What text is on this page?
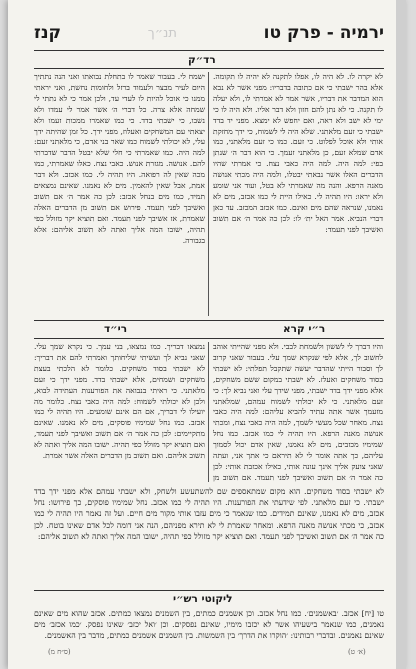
ירמיה - פרק טו
תנ״ך
קנז
רד״ק

לא יקרה לו. לא היה לו, אפלו לתקנה לא יהיה לו תקומה. אלא בהר ישבתי כי אם כתובה בדבריו: מפני אשר לא נבא הוא המדבר את דבריו, אשר אמר לא אמרתי לו, ולא יעלה לו תקנה. כי לא נתן להם חזון ולא דבר אליו. ולא היה לו כי ימי לא ישב ולא ראה, ואם יחפש לא ימצא. מפני יד בדד ישבתי כי זעם מלאתני. שלא היה לי לשמוח, כי ידך מחזקת אותי ולא אוכל לפלוט. כי זעם. כמו כי זעם מלאתני, כמו אדם שמלא זעם, כן מלאתני זעמך. כי הוא דבר ה׳ שנתן בפי: למה היה. למה היה כאבי נצח. כי אמרתי שהיו הדברים האלו אשר נבאתי יבטלו, ולמה היה מכתי אנושה מאנה הרפא. והנה מה שאמרתי לא בטל, ועוד אני שומע ולא יראו: היו תהיה לי. כאילו היית לי כמו אכזב, מים לא נאמנו, שנראה שהם מים ואינם. כמו אכזב המכזב. עד כאן דברי הנביא. אמר האל ית׳ לו: לכן כה אמר ה׳ אם תשוב ואשיבך לפני תעמד:

ישמח לי. בעבור שאמר לו בתחלת נבואתו ואני הנה נתתיך היום לעיר מבצר ולעמוד ברזל ולחומות נחשת, ואני יראתי ממנו כי אוכל להיות לו לעדי עד, ולכן אמר כי לא נתתי לי שמחה אלא צרה. כל דברי ה׳ אשר אמר לי עמדו ולא נשבו, כי ישבתי בדד. כי כמו שאמרו ממכות זעמו ולא יצאתי עם המשחקים ואעלוז, מפני ידך. כל זמן שהיתה ידך עלי, לא יכולתי לשמוח כמו שאר בני אדם, כי מלאתני זעם: למה היה. כמו שאמרתי כי חלי שלא יבטל הדבר שדברתי להם. אנושה. מגזרת אנוש. כאבי נצח. כאלו שאמרתי, כמו מכה שאין לה רפואה. היו תהיה לי. כמו אכזב. ולא דבר אמת, אבל שאין להאמין. מים לא נאמנו. שאינם נמצאים תמיד, כמו מים בנחל אכזב: לכן כה אמר ה׳ אם תשוב ואשיבך לפני תעמד. פירוש אם תשוב מן הדברים האלה שאמרת, אז אשיבך לפני תעמד. ואם תוציא יקר מזולל כפי תהיה, ישובו המה אליך ואתה לא תשוב אליהם: אלא בגבורה.

ר״י קרא
רי״ד

והיו דברך לי לששון ולשמחת לבבי. ולא מפני שהייתי אוהב לחשוב לך, אלא לפי שנקרא שמך עלי. בעבור שאני קרוב לך וסבור הייתי שהדבר יעשה שתקבל תפלתי: לא ישבתי בסוד משחקים ואעלז. לא ישבתי במקום ששם משחקים, אלא מפני ידך בדד ישבתי, מפני שידך עלי ואני נביא לך: כי זעם מלאתני. כי לא יכולתי לשמוח עמהם, שמלאתני מזעמך אשר אתה עתיד להביא עליהם: למה היה כאבי נצח. מאחר שכל מעשי לשמך, למה היה כאבי נצח, ומכתי אנושה מאנה הרפא. היו תהיה לי כמו אכזב. כמו נחל שמימיו מכזבים, מים לא נאמנו, שאין אדם יכול לסמוך עליהם, כך אתה אומר לי לא תיראם כי אתך אני, ועתה שאני צועק אליך אינך עונה אותי, כאילו אכזבת אותי: לכן כה אמר ה׳ אם תשוב ואשיבך לפני תעמד. אם תשוב מן

נמצאו דבריך. כמו נמצאו, בני עמך. כי נקרא שמך עלי. שאני נביא לך ועשיתי שליחותך ואמרתי להם את דבריך: לא ישבתי בסוד משחקים. כלומר לא הלכתי בעצת משחקים ושמחים, אלא ישבתי בדד. מפני ידך כי זעם מלאתני. כי ראיתי בנבואה את הפורענות העתידה לבוא, ולכן לא יכולתי לשמוח: למה היה כאבי נצח. כלומר מה יועילו לי דבריך, אם הם אינם שומעים. היו תהיה לי כמו אכזב. כמו נחל שמימיו פוסקים, מים לא נאמנו. שאינם מתקיימים: לכן כה אמר ה׳ אם תשוב ואשיבך לפני תעמד, ואם תוציא יקר מזולל כפי תהיה. ישובו המה אליך ואתה לא תשוב אליהם. ואם תשוב מן הדברים האלה אשר אמרת.

לא ישבתי בסוד משחקים. הוא מקום שמתאספים שם להשתעשע ולשחק, ולא ישבתי עמהם אלא מפני ידך בדד ישבתי. כי זעם מלאתני. לפי שידעתי את הפורענות. היו תהיה לי כמו אכזב. נחל שמימיו פוסקים, כך פירושו: נחל אכזב, מים לא נאמנו, שאינם תמידים. כמו שנאמר כי מים עזבו אותי מקור מים חיים. ועל זה נאמר היו תהיה לי כמו אכזב, כי מכתי אנושה מאנה הרפא. ומאחר שאמרת לי לא תירא מפניהם, הנה אני דומה לכל אדם שאינו בוטח. לכן כה אמר ה׳ אם תשוב ואשיבך לפני תעמד. ואם תוציא יקר מזולל כפי תהיה, ישובו המה אליך ואתה לא תשוב אליהם:

ליקוטי רש״י

טו [יח] אכזב. ׳באשמנים׳. כמו נחל אכזב. וכן אשמנים כמתים, בין השמנים נמצאו כמתים. אכזב שהוא מים שאינם נאמנים, כמו שנאמר בישעיהו אשר לא יכזבו מימיו, שאינם נפסקים. וכן ׳ואל יכזב׳ שאינו נפסק. ׳כמו אכזב׳ מים שאינם נאמנים. ובדברי רבותינו: ׳הוקרו את הדרך׳ בין השמשות. בין השמנים אשמנים כמתים, מדבר בין האשמנים.

(ס״ח מ)	(א׳ ט)
